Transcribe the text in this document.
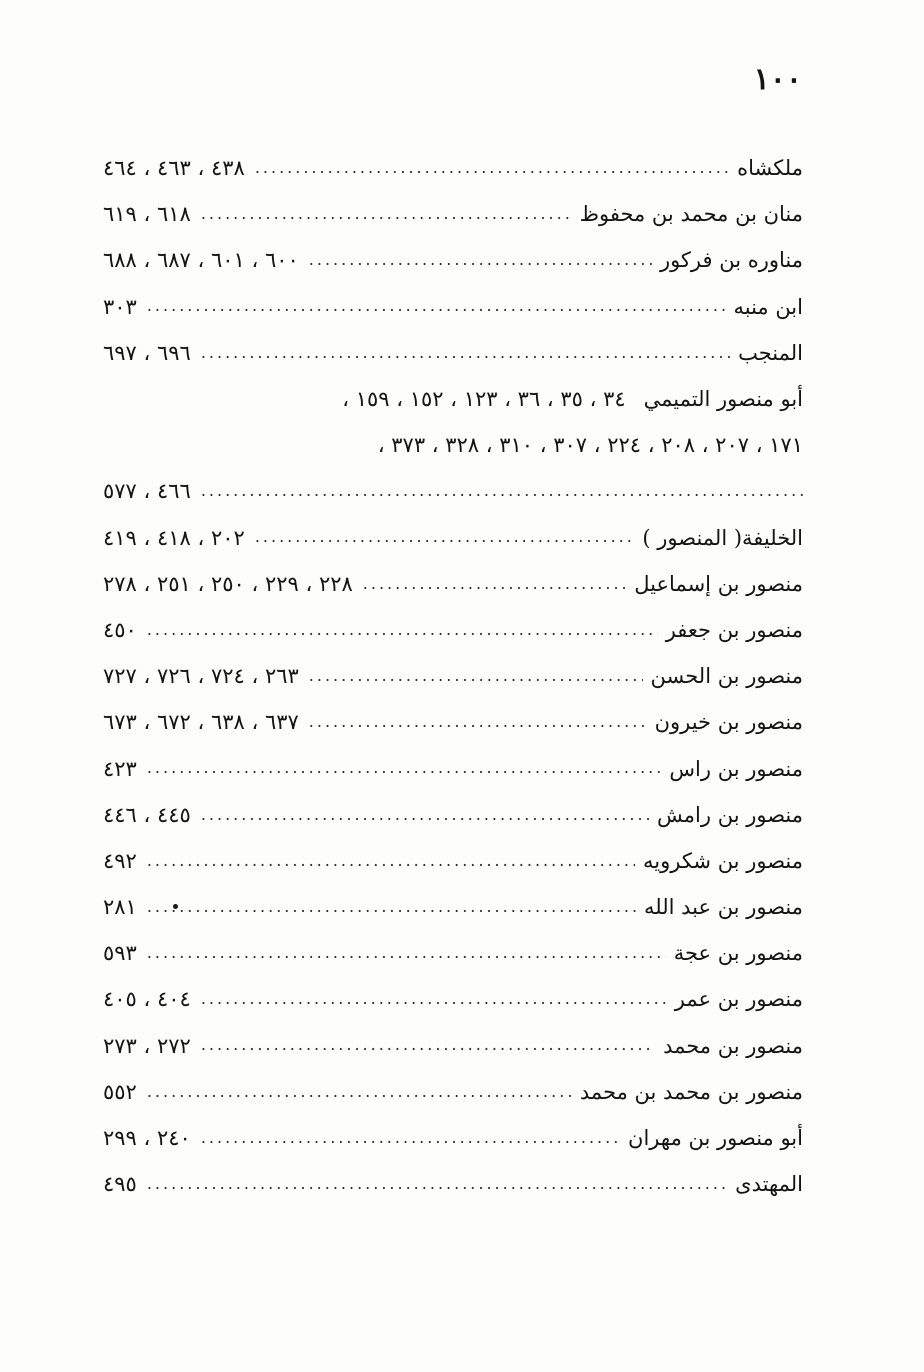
١٠٠
ملكشاه
.....
٤٣٨ ، ٤٦٣ ، ٤٦٤
منان بن محمد بن محفوظ
.....
٦١٨ ، ٦١٩
مناوره بن فركور
.....
٦٠٠ ، ٦٠١ ، ٦٨٧ ، ٦٨٨
ابن منبه
.....
٣٠٣
المنجب
.....
٦٩٦ ، ٦٩٧
أبو منصور التميمي
٣٤ ، ٣٥ ، ٣٦ ، ١٢٣ ، ١٥٢ ، ١٥٩ ،
١٧١ ، ٢٠٧ ، ٢٠٨ ، ٢٢٤ ، ٣٠٧ ، ٣١٠ ، ٣٢٨ ، ٣٧٣ ،
.....
٤٦٦ ، ٥٧٧
الخليفة( المنصور )
.....
٢٠٢ ، ٤١٨ ، ٤١٩
منصور بن إسماعيل
.....
٢٢٨ ، ٢٢٩ ، ٢٥٠ ، ٢٥١ ، ٢٧٨
منصور بن جعفر
.....
٤٥٠
منصور بن الحسن
.....
٢٦٣ ، ٧٢٤ ، ٧٢٦ ، ٧٢٧
منصور بن خيرون
.....
٦٣٧ ، ٦٣٨ ، ٦٧٢ ، ٦٧٣
منصور بن راس
.....
٤٢٣
منصور بن رامش
.....
٤٤٥ ، ٤٤٦
منصور بن شكرويه
.....
٤٩٢
منصور بن عبد الله
.....
٢٨١
منصور بن عجة
.....
٥٩٣
منصور بن عمر
.....
٤٠٤ ، ٤٠٥
منصور بن محمد
.....
٢٧٢ ، ٢٧٣
منصور بن محمد بن محمد
.....
٥٥٢
أبو منصور بن مهران
.....
٢٤٠ ، ٢٩٩
المهتدى
.....
٤٩٥
